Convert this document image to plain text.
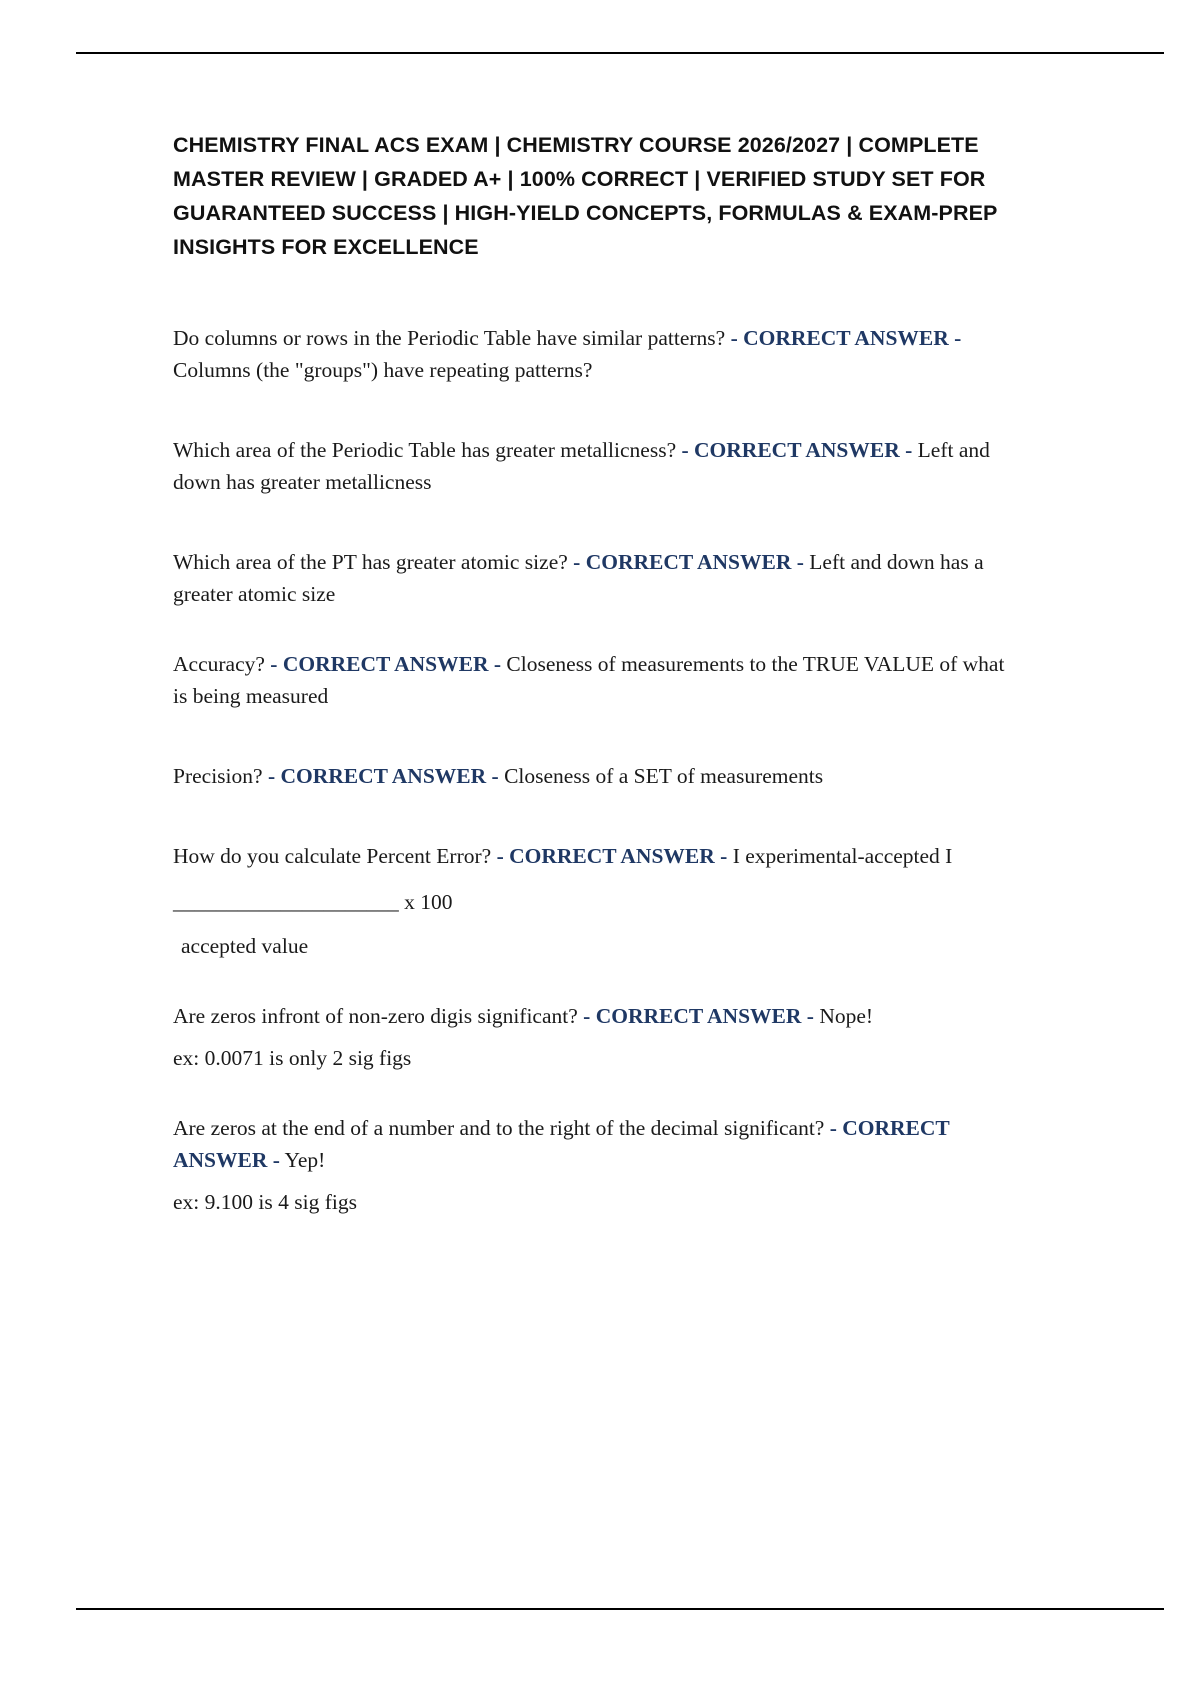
CHEMISTRY FINAL ACS EXAM | CHEMISTRY COURSE 2026/2027 | COMPLETE MASTER REVIEW | GRADED A+ | 100% CORRECT | VERIFIED STUDY SET FOR GUARANTEED SUCCESS | HIGH-YIELD CONCEPTS, FORMULAS & EXAM-PREP INSIGHTS FOR EXCELLENCE

Do columns or rows in the Periodic Table have similar patterns? - CORRECT ANSWER - Columns (the "groups") have repeating patterns?

Which area of the Periodic Table has greater metallicness? - CORRECT ANSWER - Left and down has greater metallicness

Which area of the PT has greater atomic size? - CORRECT ANSWER - Left and down has a greater atomic size

Accuracy? - CORRECT ANSWER - Closeness of measurements to the TRUE VALUE of what is being measured

Precision? - CORRECT ANSWER - Closeness of a SET of measurements

How do you calculate Percent Error? - CORRECT ANSWER - I experimental-accepted I

_____________________ x 100

accepted value

Are zeros infront of non-zero digis significant? - CORRECT ANSWER - Nope!

ex: 0.0071 is only 2 sig figs

Are zeros at the end of a number and to the right of the decimal significant? - CORRECT ANSWER - Yep!

ex: 9.100 is 4 sig figs
